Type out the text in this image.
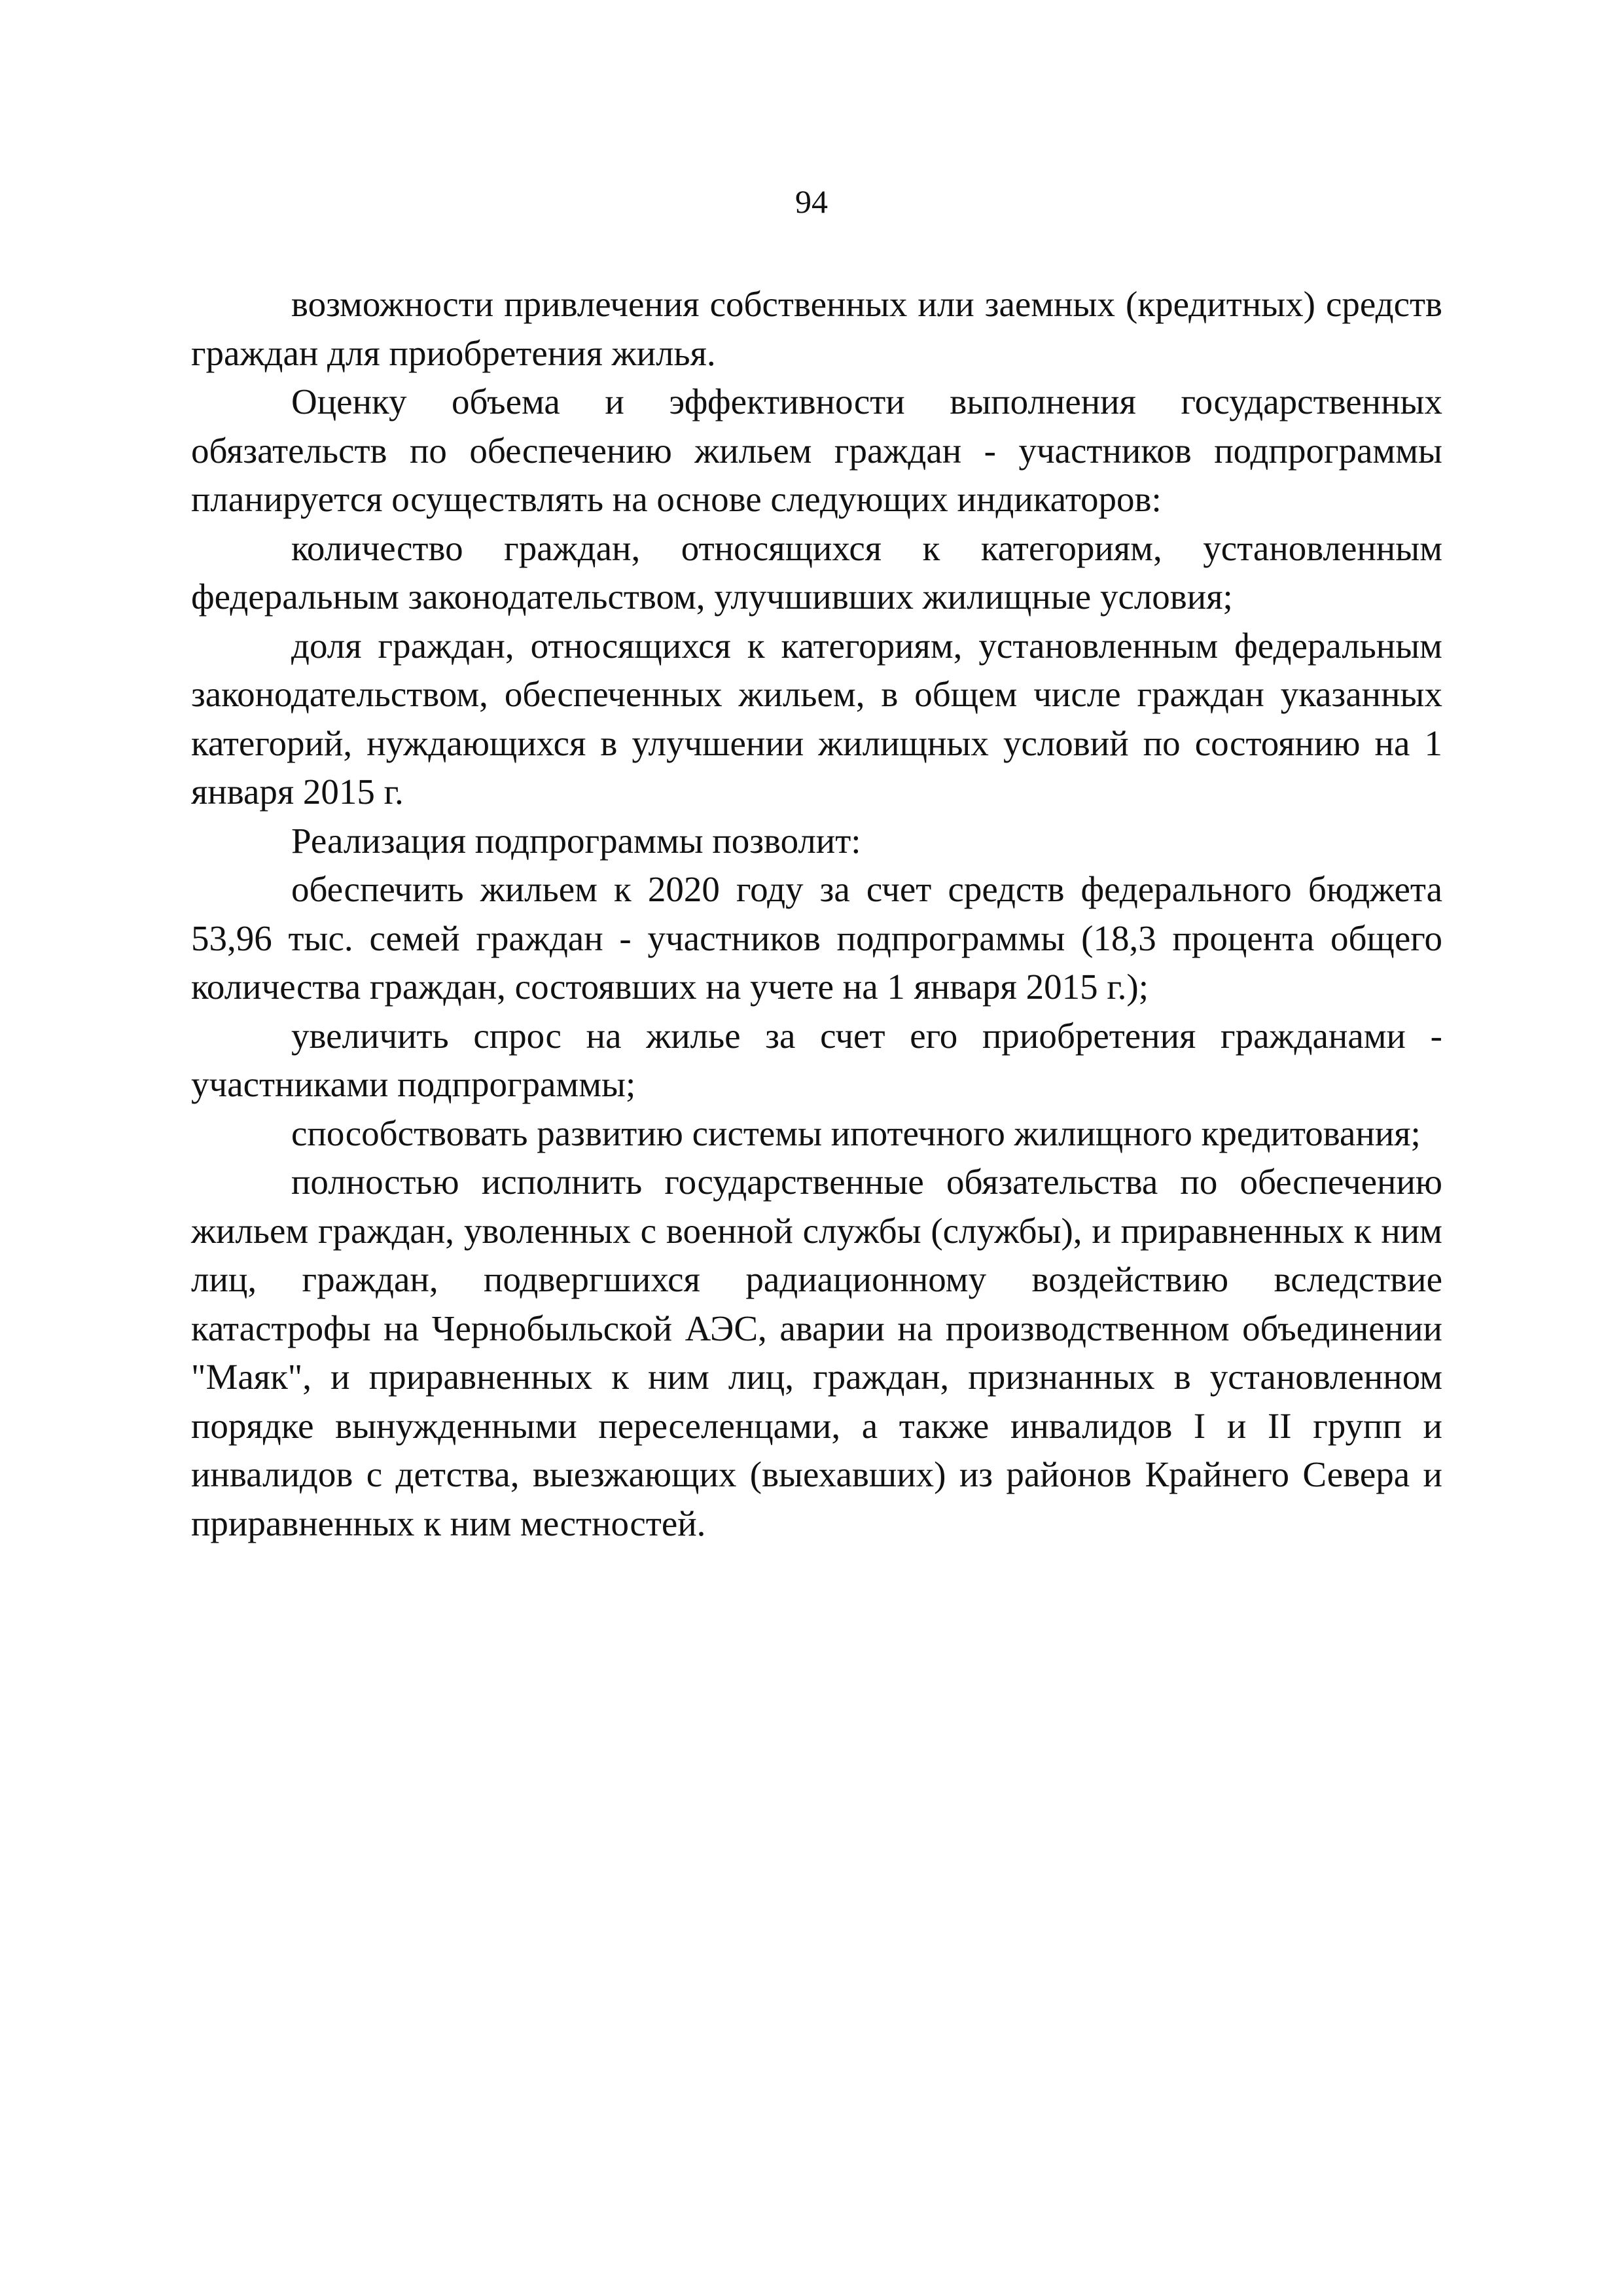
94

возможности привлечения собственных или заемных (кредитных) средств граждан для приобретения жилья.

Оценку объема и эффективности выполнения государственных обязательств по обеспечению жильем граждан - участников подпрограммы планируется осуществлять на основе следующих индикаторов:

количество граждан, относящихся к категориям, установленным федеральным законодательством, улучшивших жилищные условия;

доля граждан, относящихся к категориям, установленным федеральным законодательством, обеспеченных жильем, в общем числе граждан указанных категорий, нуждающихся в улучшении жилищных условий по состоянию на 1 января 2015 г.

Реализация подпрограммы позволит:

обеспечить жильем к 2020 году за счет средств федерального бюджета 53,96 тыс. семей граждан - участников подпрограммы (18,3 процента общего количества граждан, состоявших на учете на 1 января 2015 г.);

увеличить спрос на жилье за счет его приобретения гражданами - участниками подпрограммы;

способствовать развитию системы ипотечного жилищного кредитования;

полностью исполнить государственные обязательства по обеспечению жильем граждан, уволенных с военной службы (службы), и приравненных к ним лиц, граждан, подвергшихся радиационному воздействию вследствие катастрофы на Чернобыльской АЭС, аварии на производственном объединении "Маяк", и приравненных к ним лиц, граждан, признанных в установленном порядке вынужденными переселенцами, а также инвалидов I и II групп и инвалидов с детства, выезжающих (выехавших) из районов Крайнего Севера и приравненных к ним местностей.
